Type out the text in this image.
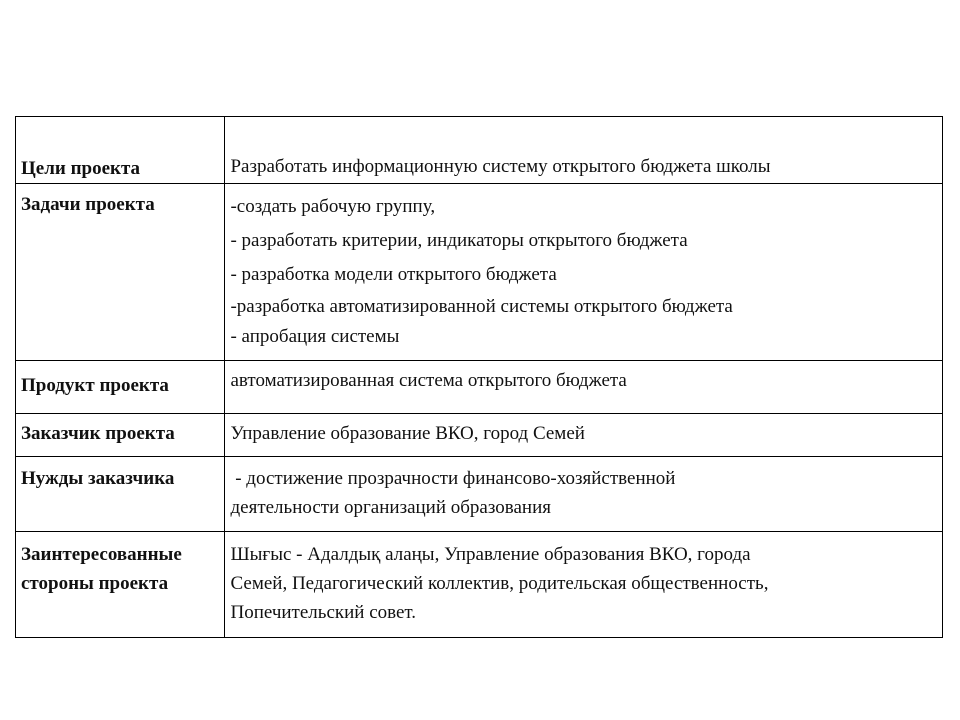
Цели проекта	Разработать информационную систему открытого бюджета школы
Задачи проекта	-создать рабочую группу,
- разработать критерии, индикаторы открытого бюджета
- разработка модели открытого бюджета
-разработка автоматизированной системы открытого бюджета
- апробация системы

Продукт проекта	автоматизированная система открытого бюджета
Заказчик проекта	Управление образование ВКО, город Семей
Нужды заказчика	- достижение прозрачности финансово-хозяйственной
деятельности организаций образования
Заинтересованные
стороны проекта	Шығыс - Адалдық алаңы, Управление образования ВКО, города
Семей, Педагогический коллектив, родительская общественность,
Попечительский совет.
